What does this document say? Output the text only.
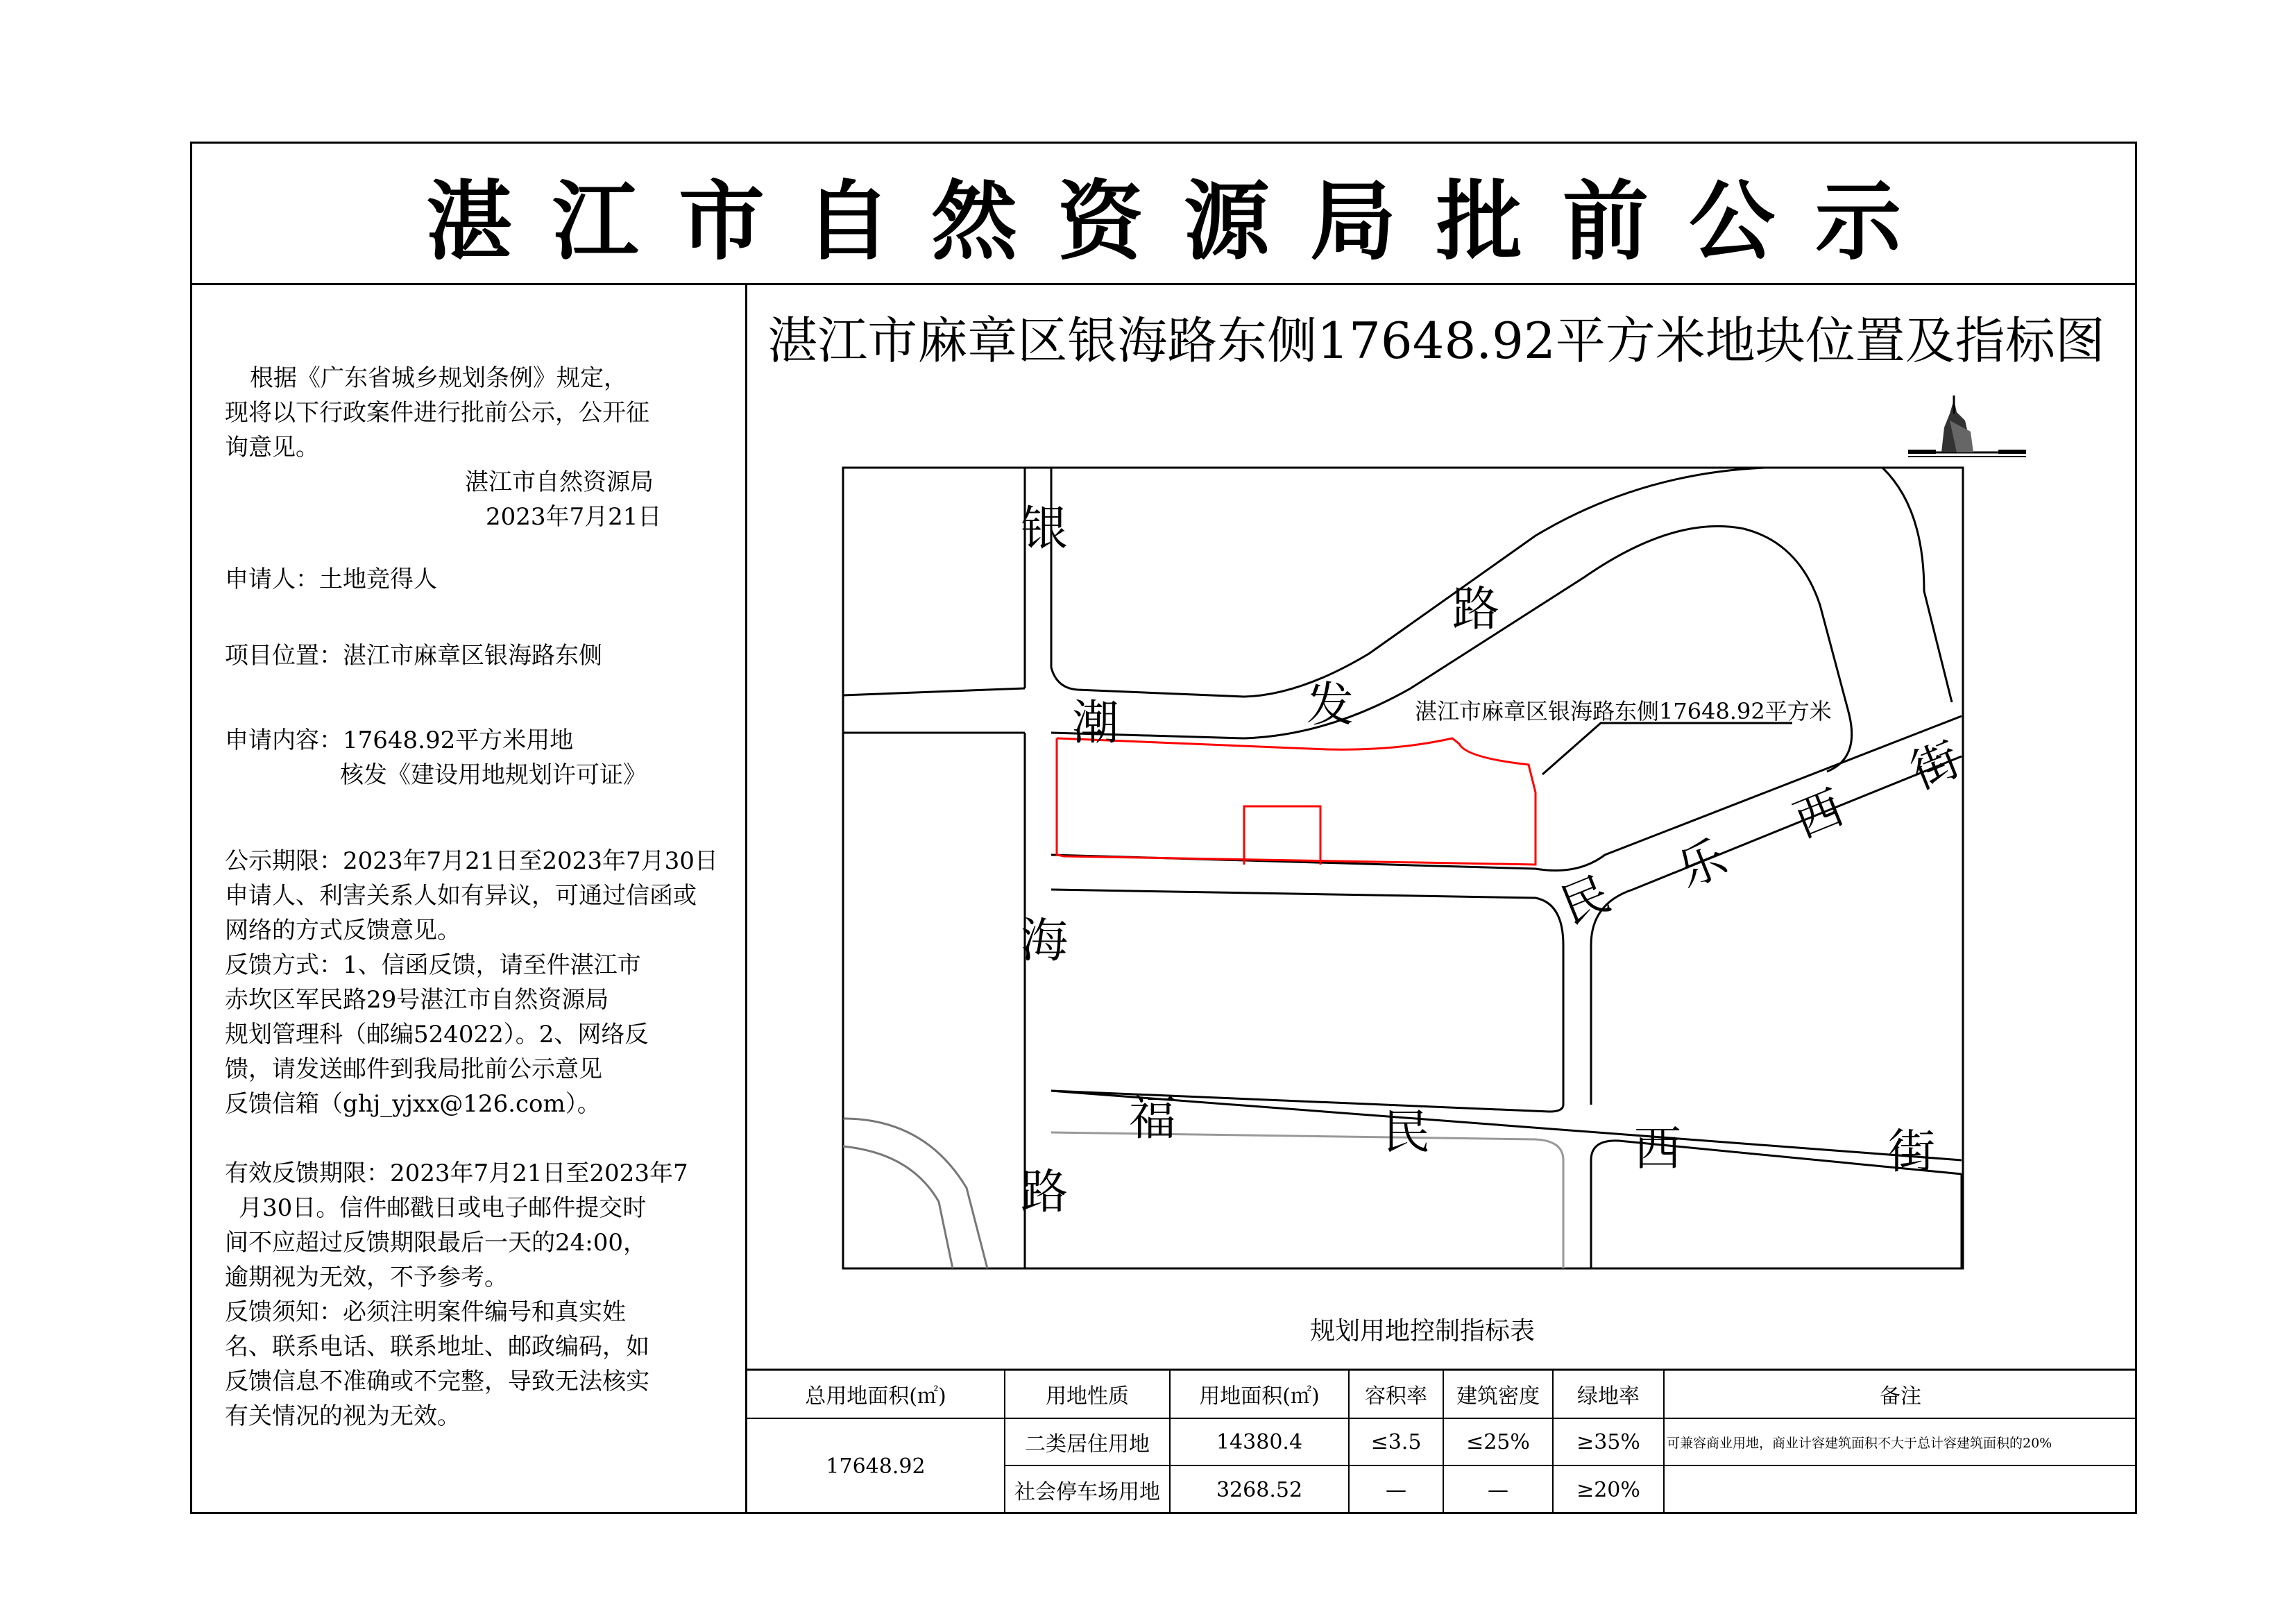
湛江市自然资源局批前公示
根据《广东省城乡规划条例》规定，
现将以下行政案件进行批前公示，公开征
询意见。
湛江市自然资源局
2023年7月21日
申请人：土地竞得人
项目位置：湛江市麻章区银海路东侧
申请内容：17648.92平方米用地
核发《建设用地规划许可证》
公示期限：2023年7月21日至2023年7月30日
申请人、利害关系人如有异议，可通过信函或
网络的方式反馈意见。
反馈方式：1、信函反馈，请至件湛江市
赤坎区军民路29号湛江市自然资源局
规划管理科（邮编524022）。2、网络反
馈，请发送邮件到我局批前公示意见
反馈信箱（ghj_yjxx@126.com）。
有效反馈期限：2023年7月21日至2023年7
月30日。信件邮戳日或电子邮件提交时
间不应超过反馈期限最后一天的24:00，
逾期视为无效，不予参考。
反馈须知：必须注明案件编号和真实姓
名、联系电话、联系地址、邮政编码，如
反馈信息不准确或不完整，导致无法核实
有关情况的视为无效。
湛江市麻章区银海路东侧17648.92平方米地块位置及指标图
湛江市麻章区银海路东侧17648.92平方米
银
路
潮	发
海
路
民
乐
西
街
福	民	西	街
规划用地控制指标表
总用地面积(㎡)	用地性质	用地面积(㎡)	容积率	建筑密度	绿地率	备注
17648.92
二类居住用地	14380.4	≤3.5	≤25%	≥35%	可兼容商业用地，商业计容建筑面积不大于总计容建筑面积的20%
社会停车场用地	3268.52	—	—	≥20%
